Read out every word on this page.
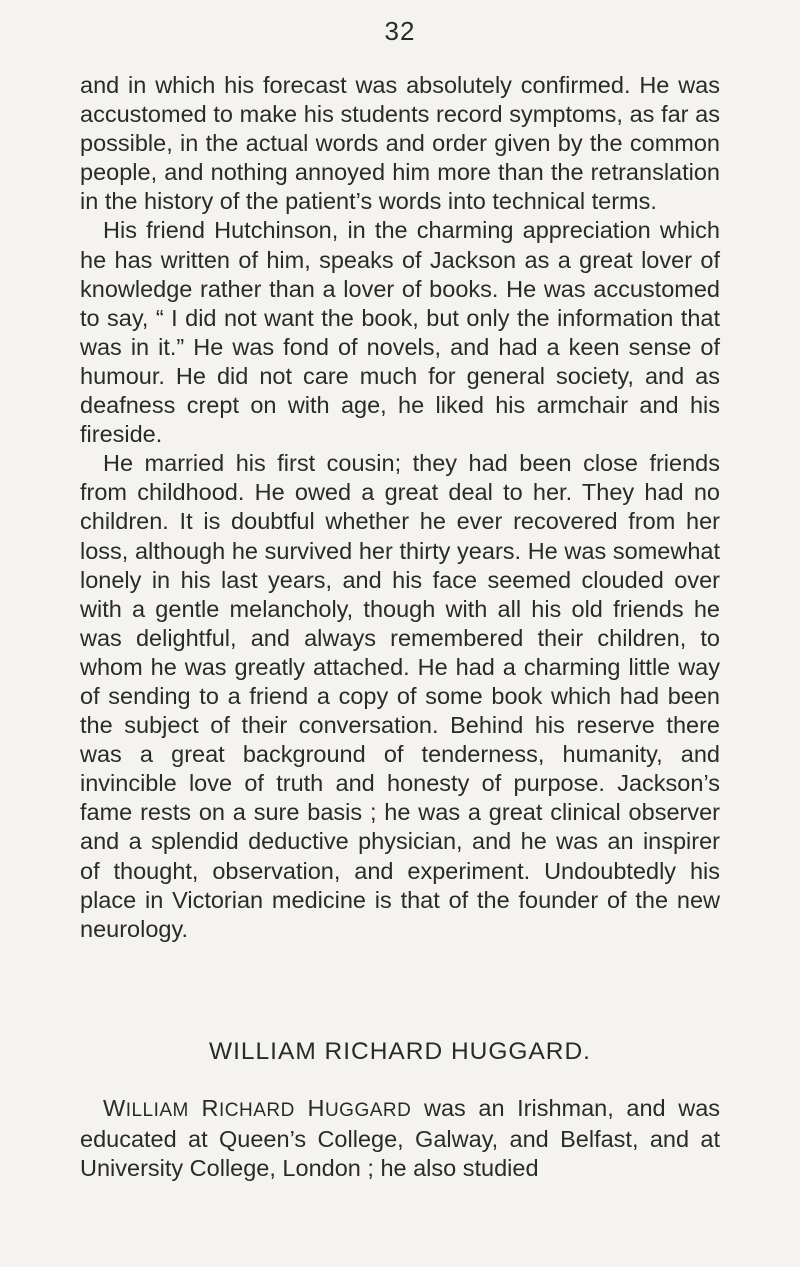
32

and in which his forecast was absolutely confirmed. He was accustomed to make his students record symptoms, as far as possible, in the actual words and order given by the common people, and nothing annoyed him more than the retranslation in the history of the patient’s words into technical terms.

His friend Hutchinson, in the charming appreciation which he has written of him, speaks of Jackson as a great lover of knowledge rather than a lover of books. He was accustomed to say, “ I did not want the book, but only the information that was in it.” He was fond of novels, and had a keen sense of humour. He did not care much for general society, and as deafness crept on with age, he liked his armchair and his fireside.

He married his first cousin; they had been close friends from childhood. He owed a great deal to her. They had no children. It is doubtful whether he ever recovered from her loss, although he survived her thirty years. He was somewhat lonely in his last years, and his face seemed clouded over with a gentle melancholy, though with all his old friends he was delightful, and always remembered their children, to whom he was greatly attached. He had a charming little way of sending to a friend a copy of some book which had been the subject of their conversation. Behind his reserve there was a great background of tenderness, humanity, and invincible love of truth and honesty of purpose. Jackson’s fame rests on a sure basis ; he was a great clinical observer and a splendid deductive physician, and he was an inspirer of thought, observation, and experiment. Undoubtedly his place in Victorian medicine is that of the founder of the new neurology.

WILLIAM RICHARD HUGGARD.

WILLIAM RICHARD HUGGARD was an Irishman, and was educated at Queen’s College, Galway, and Belfast, and at University College, London ; he also studied
